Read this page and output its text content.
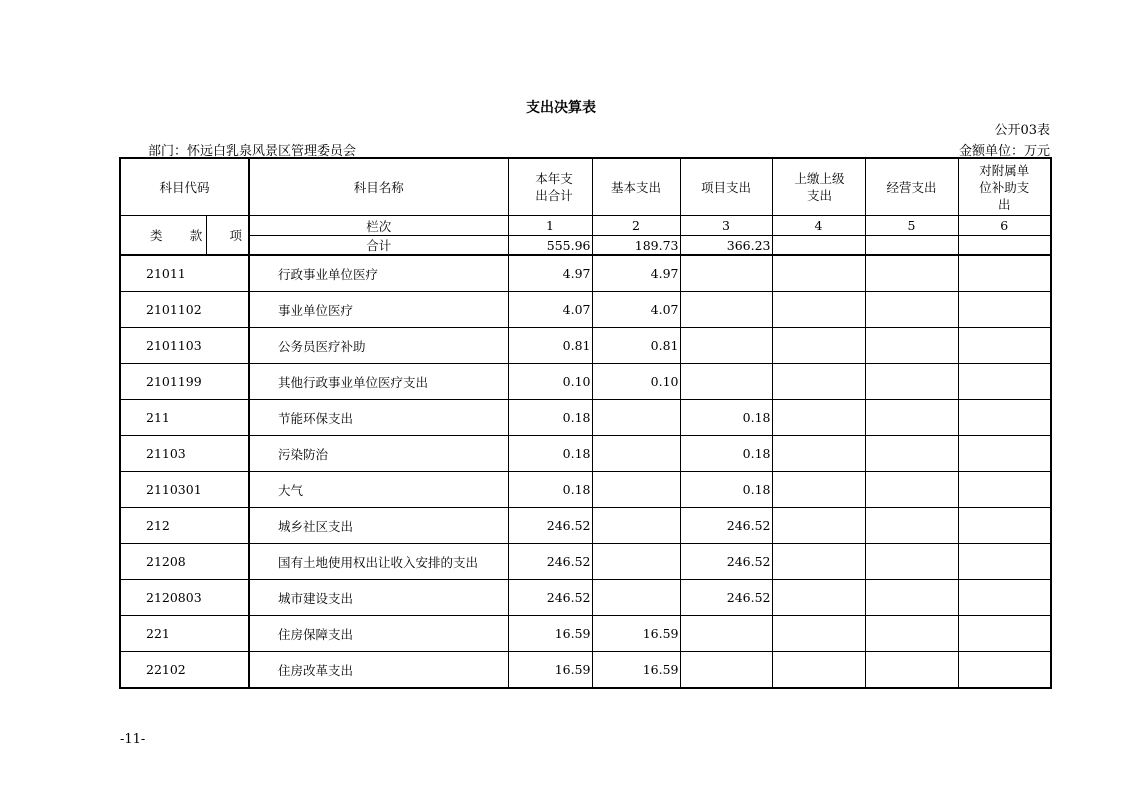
支出决算表
公开03表
部门：怀远白乳泉风景区管理委员会	金额单位：万元
科目代码	科目名称	本年支出合计	基本支出	项目支出	上缴上级支出	经营支出	对附属单位补助支出

类 款 项	栏次	1	2	3	4	5	6
	合计	555.96	189.73	366.23			
21011	行政事业单位医疗	4.97	4.97				
2101102	事业单位医疗	4.07	4.07				
2101103	公务员医疗补助	0.81	0.81				
2101199	其他行政事业单位医疗支出	0.10	0.10				
211	节能环保支出	0.18		0.18			
21103	污染防治	0.18		0.18			
2110301	大气	0.18		0.18			
212	城乡社区支出	246.52		246.52			
21208	国有土地使用权出让收入安排的支出	246.52		246.52			
2120803	城市建设支出	246.52		246.52			
221	住房保障支出	16.59	16.59				
22102	住房改革支出	16.59	16.59				
-11-
